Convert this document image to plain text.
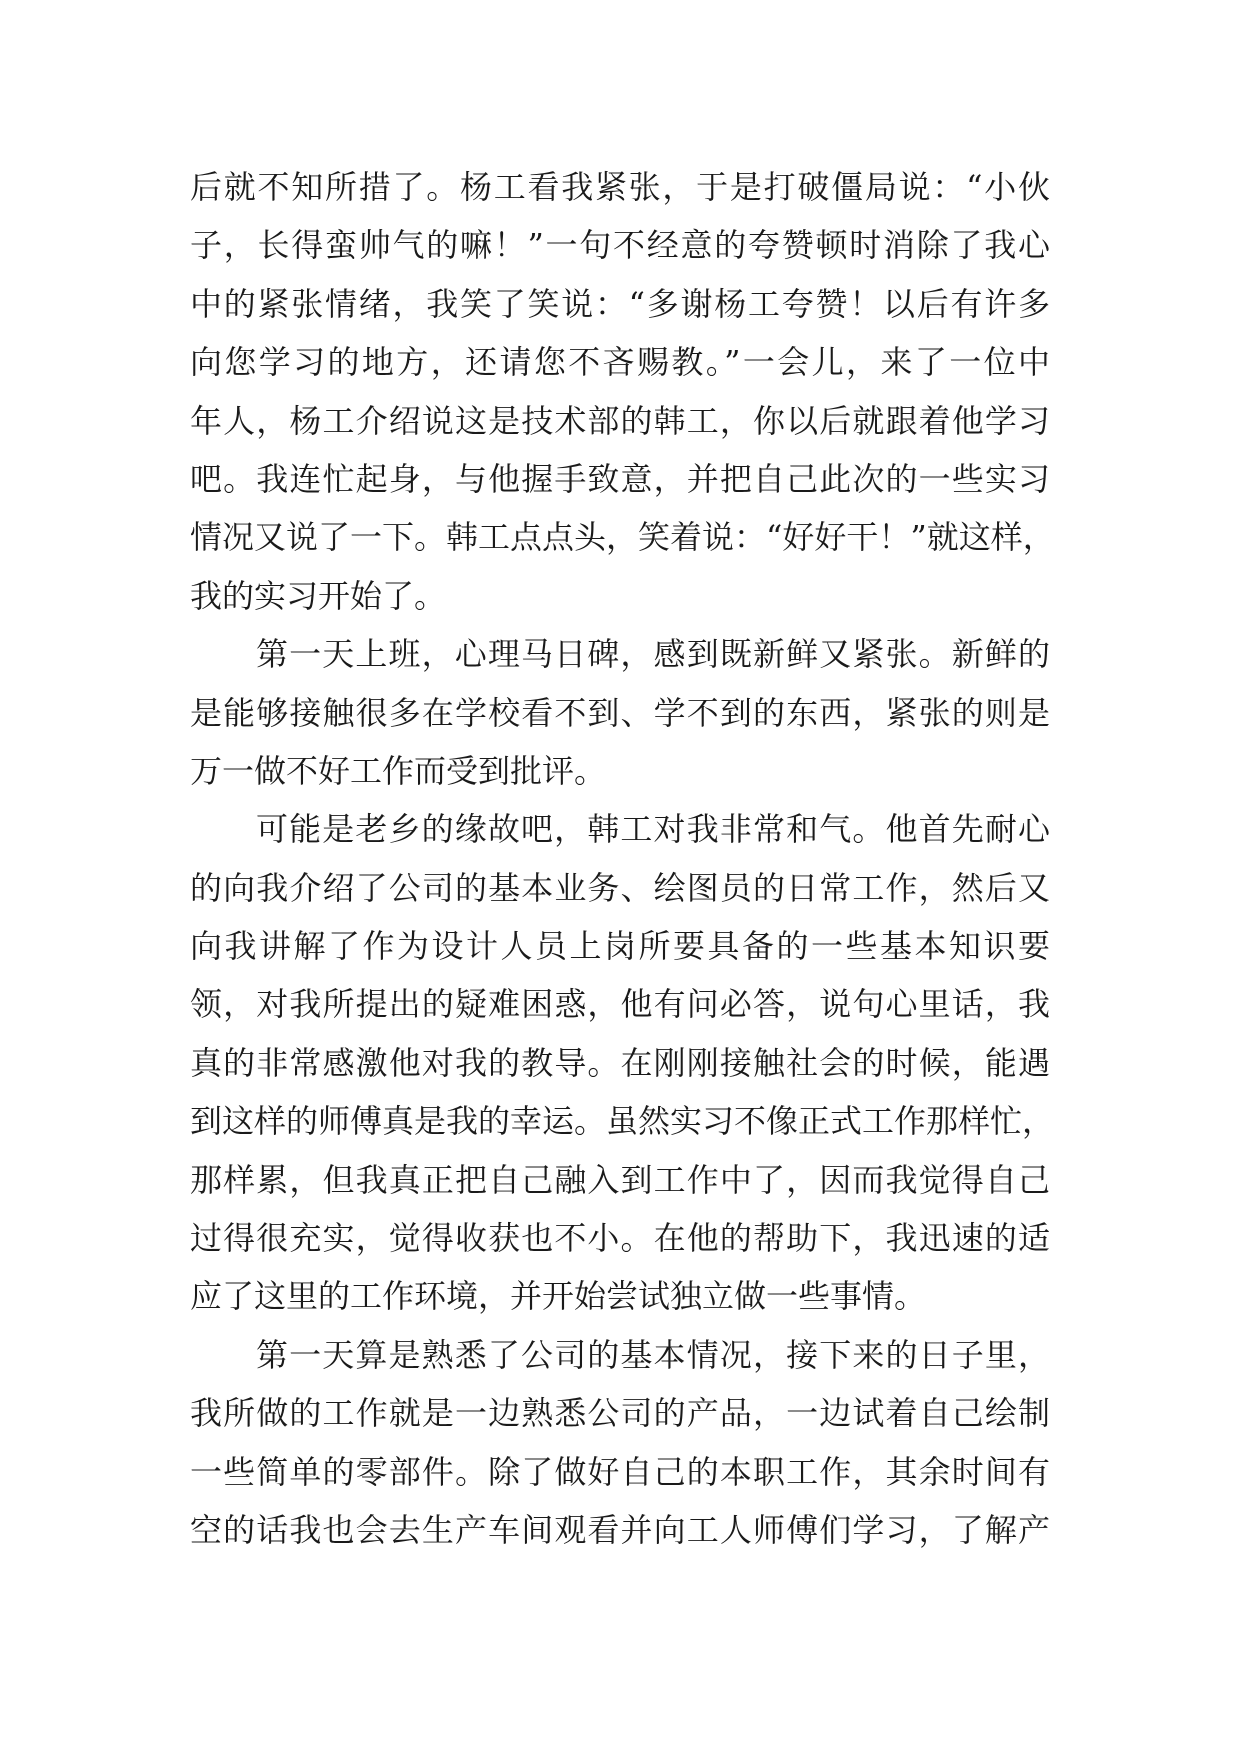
后就不知所措了。杨工看我紧张，于是打破僵局说：“小伙
子，长得蛮帅气的嘛！”一句不经意的夸赞顿时消除了我心
中的紧张情绪，我笑了笑说：“多谢杨工夸赞！以后有许多
向您学习的地方，还请您不吝赐教。”一会儿，来了一位中
年人，杨工介绍说这是技术部的韩工，你以后就跟着他学习
吧。我连忙起身，与他握手致意，并把自己此次的一些实习
情况又说了一下。韩工点点头，笑着说：“好好干！”就这样，
我的实习开始了。
第一天上班，心理马日碑，感到既新鲜又紧张。新鲜的
是能够接触很多在学校看不到、学不到的东西，紧张的则是
万一做不好工作而受到批评。
可能是老乡的缘故吧，韩工对我非常和气。他首先耐心
的向我介绍了公司的基本业务、绘图员的日常工作，然后又
向我讲解了作为设计人员上岗所要具备的一些基本知识要
领，对我所提出的疑难困惑，他有问必答，说句心里话，我
真的非常感激他对我的教导。在刚刚接触社会的时候，能遇
到这样的师傅真是我的幸运。虽然实习不像正式工作那样忙，
那样累，但我真正把自己融入到工作中了，因而我觉得自己
过得很充实，觉得收获也不小。在他的帮助下，我迅速的适
应了这里的工作环境，并开始尝试独立做一些事情。
第一天算是熟悉了公司的基本情况，接下来的日子里，
我所做的工作就是一边熟悉公司的产品，一边试着自己绘制
一些简单的零部件。除了做好自己的本职工作，其余时间有
空的话我也会去生产车间观看并向工人师傅们学习，了解产
